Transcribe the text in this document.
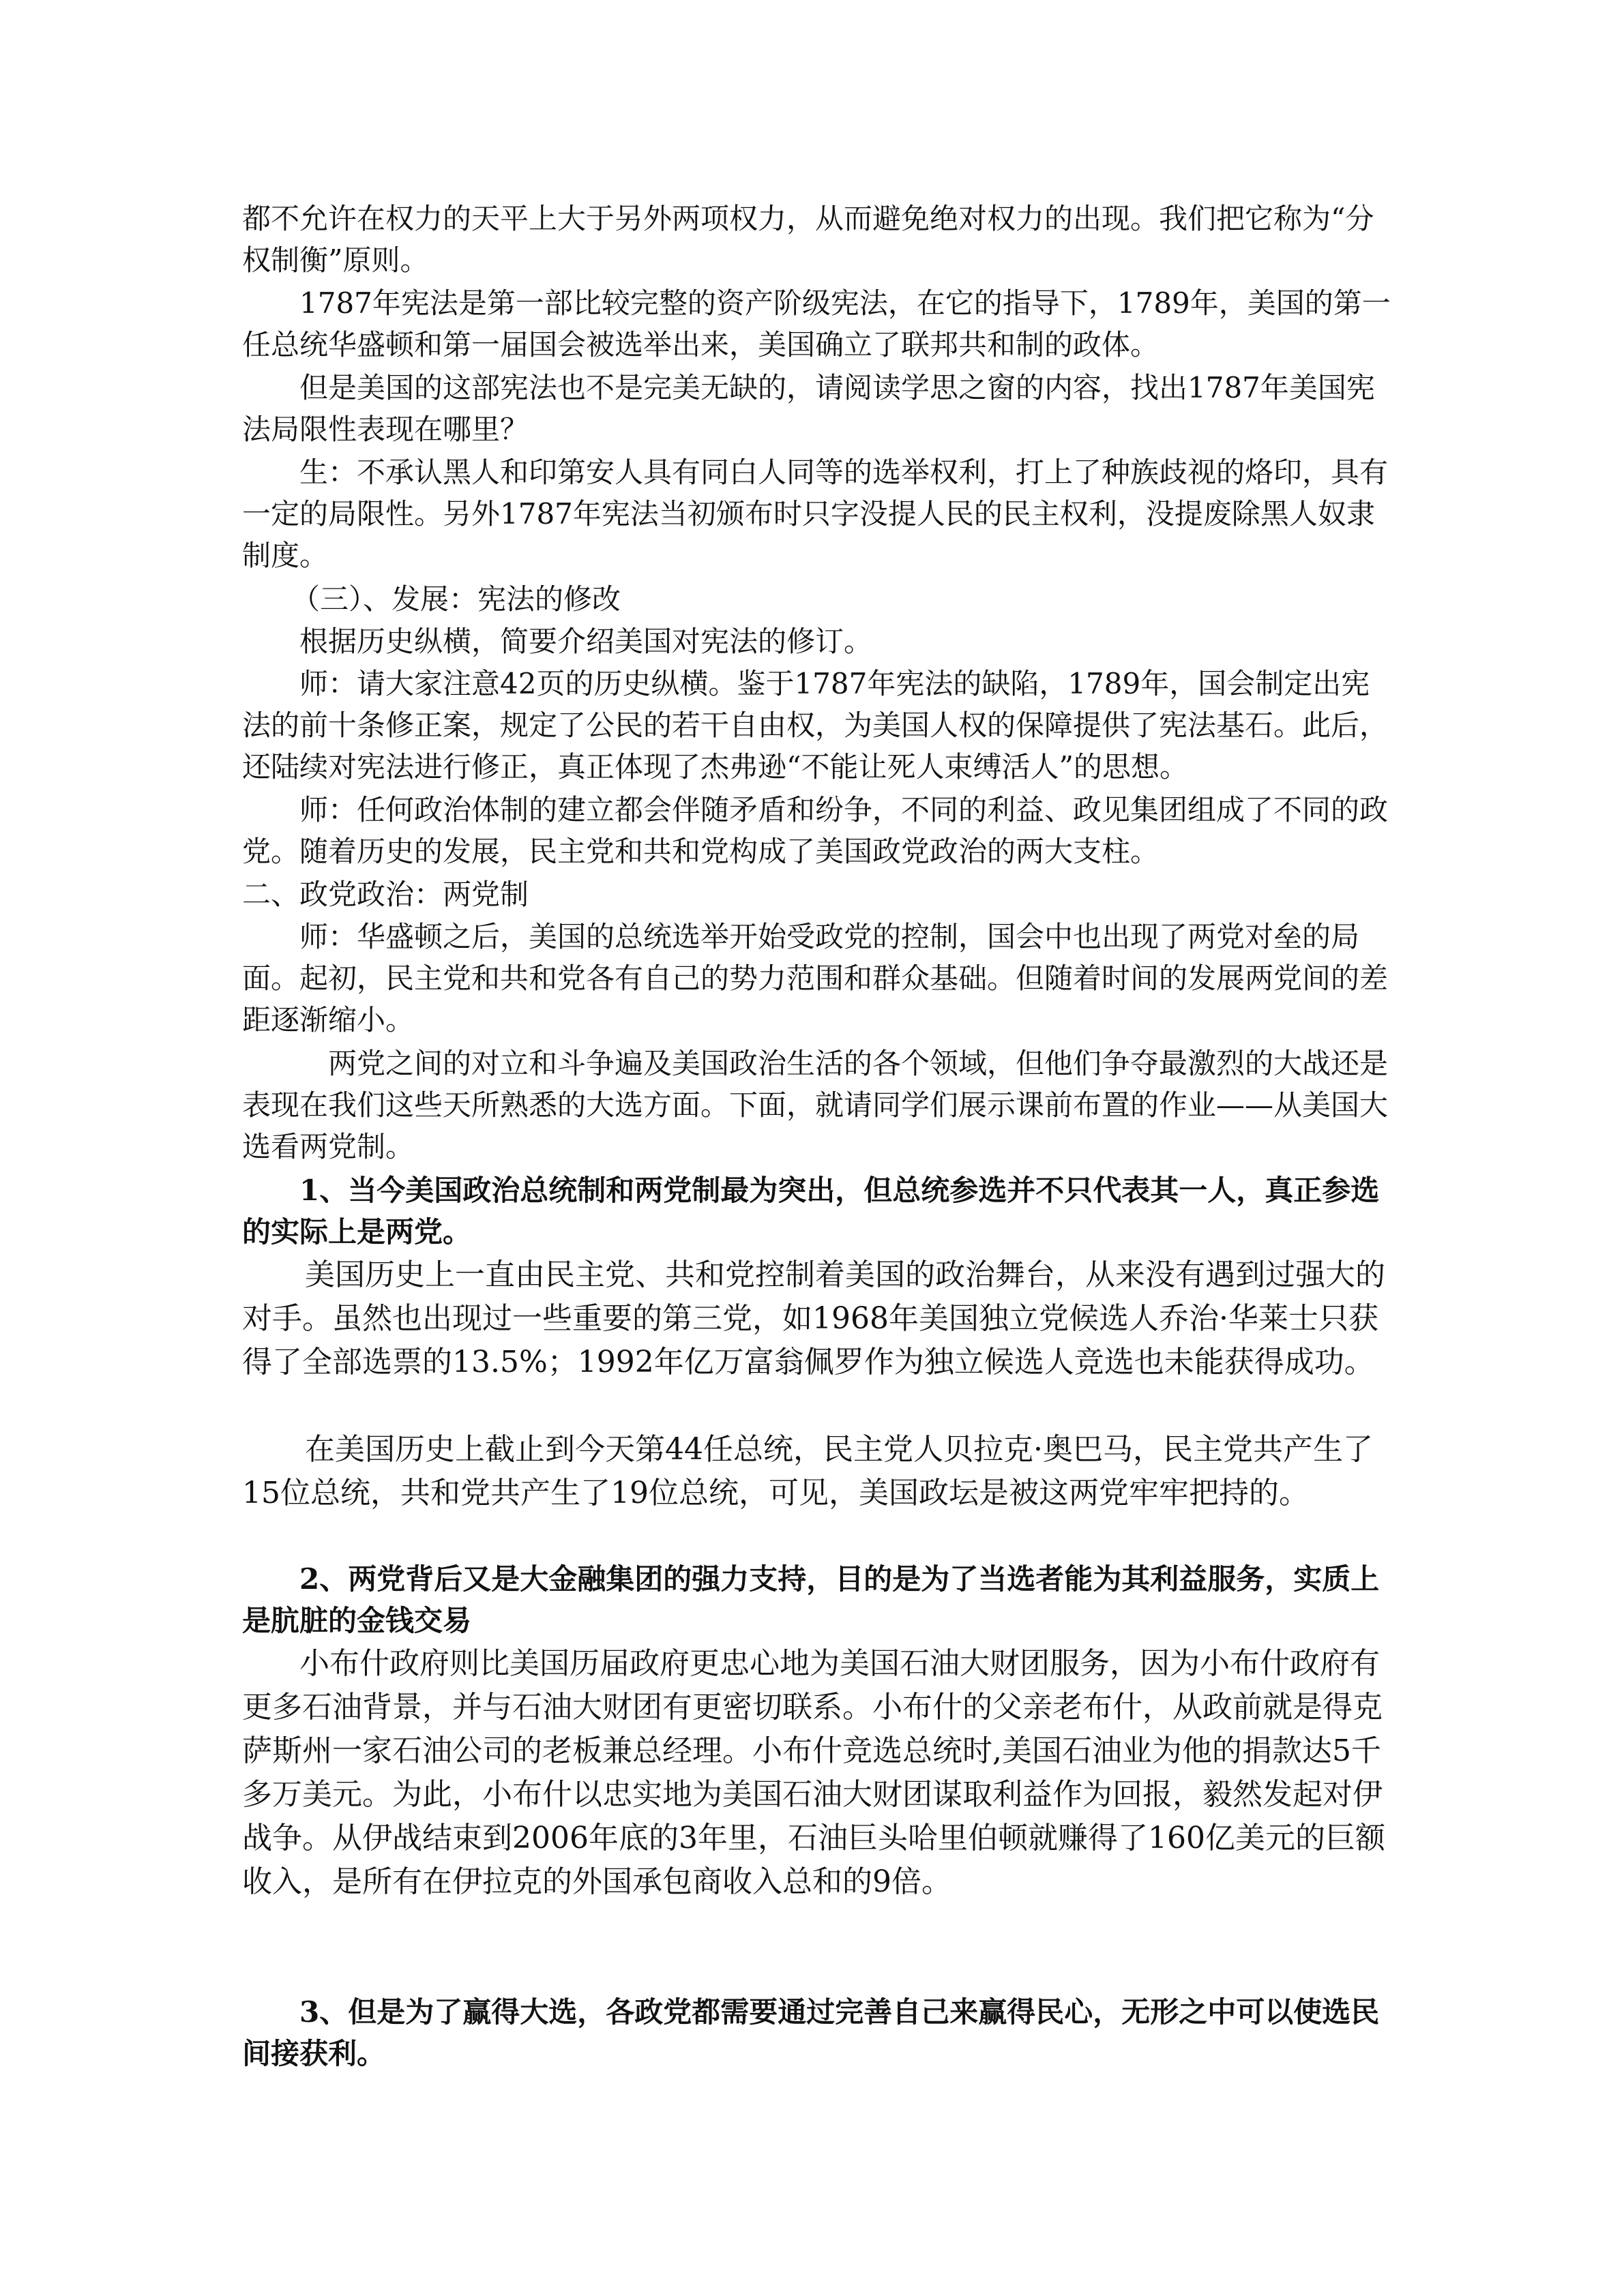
都不允许在权力的天平上大于另外两项权力，从而避免绝对权力的出现。我们把它称为“分权制衡”原则。

1787年宪法是第一部比较完整的资产阶级宪法，在它的指导下，1789年，美国的第一任总统华盛顿和第一届国会被选举出来，美国确立了联邦共和制的政体。

但是美国的这部宪法也不是完美无缺的，请阅读学思之窗的内容，找出1787年美国宪法局限性表现在哪里？

生：不承认黑人和印第安人具有同白人同等的选举权利，打上了种族歧视的烙印，具有一定的局限性。另外1787年宪法当初颁布时只字没提人民的民主权利，没提废除黑人奴隶制度。

（三）、发展：宪法的修改

根据历史纵横，简要介绍美国对宪法的修订。

师：请大家注意42页的历史纵横。鉴于1787年宪法的缺陷，1789年，国会制定出宪法的前十条修正案，规定了公民的若干自由权，为美国人权的保障提供了宪法基石。此后，还陆续对宪法进行修正，真正体现了杰弗逊“不能让死人束缚活人”的思想。

师：任何政治体制的建立都会伴随矛盾和纷争，不同的利益、政见集团组成了不同的政党。随着历史的发展，民主党和共和党构成了美国政党政治的两大支柱。

二、政党政治：两党制

师：华盛顿之后，美国的总统选举开始受政党的控制，国会中也出现了两党对垒的局面。起初，民主党和共和党各有自己的势力范围和群众基础。但随着时间的发展两党间的差距逐渐缩小。

两党之间的对立和斗争遍及美国政治生活的各个领域，但他们争夺最激烈的大战还是表现在我们这些天所熟悉的大选方面。下面，就请同学们展示课前布置的作业——从美国大选看两党制。

1、当今美国政治总统制和两党制最为突出，但总统参选并不只代表其一人，真正参选的实际上是两党。

美国历史上一直由民主党、共和党控制着美国的政治舞台，从来没有遇到过强大的对手。虽然也出现过一些重要的第三党，如1968年美国独立党候选人乔治·华莱士只获得了全部选票的13.5%；1992年亿万富翁佩罗作为独立候选人竞选也未能获得成功。

在美国历史上截止到今天第44任总统，民主党人贝拉克·奥巴马，民主党共产生了15位总统，共和党共产生了19位总统，可见，美国政坛是被这两党牢牢把持的。

2、两党背后又是大金融集团的强力支持，目的是为了当选者能为其利益服务，实质上是肮脏的金钱交易

小布什政府则比美国历届政府更忠心地为美国石油大财团服务，因为小布什政府有更多石油背景，并与石油大财团有更密切联系。小布什的父亲老布什，从政前就是得克萨斯州一家石油公司的老板兼总经理。小布什竞选总统时,美国石油业为他的捐款达5千多万美元。为此，小布什以忠实地为美国石油大财团谋取利益作为回报，毅然发起对伊战争。从伊战结束到2006年底的3年里，石油巨头哈里伯顿就赚得了160亿美元的巨额收入，是所有在伊拉克的外国承包商收入总和的9倍。

3、但是为了赢得大选，各政党都需要通过完善自己来赢得民心，无形之中可以使选民间接获利。
